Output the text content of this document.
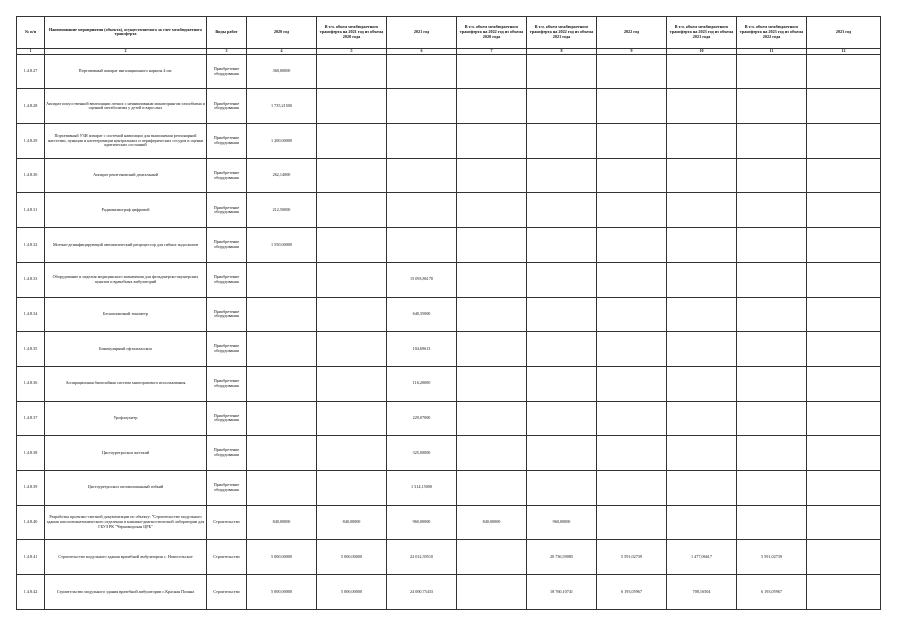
№ п/п	Наименование мероприятия (объекта), осуществляемого за счет межбюджетного трансферта	Виды работ	2020 год	В т.ч. объем межбюджетного трансферта на 2021 год из объема 2020 года	2021 год	В т.ч. объем межбюджетного трансферта на 2022 год из объема 2020 года	В т.ч. объем межбюджетного трансферта на 2022 год из объема 2021 года	2022 год	В т.ч. объем межбюджетного трансферта на 2023 год из объема 2021 года	В т.ч. объем межбюджетного трансферта на 2023 год из объема 2022 года	2023 год
1	2	3	4	5	6	7	8	9	10	11	12
1.4.8.27	Портативный аппарат ингаляционного наркоза 4 шт.	Приобретение оборудования	360,00000								
1.4.8.28	Аппарат искусственной вентиляции легких с неинвазивным мониторингом газообмена и оценкой метаболизма у детей и взрослых	Приобретение оборудования	1 735,21500								
1.4.8.29	Портативный УЗИ аппарат с системой навигации для выполнения регионарной анестезии, пункции и катетеризации центральных и периферических сосудов и оценки критических состояний	Приобретение оборудования	1 200,00000								
1.4.8.30	Аппарат рентгеновский дентальный	Приобретение оборудования	262,14000								
1.4.8.31	Радиовизиограф цифровой	Приобретение оборудования	212,50000								
1.4.8.32	Моечно-дезинфицирующий автоматический репроцессор для гибких эндоскопов	Приобретение оборудования	1 550,00000								
1.4.8.33	Оборудование и изделия медицинского назначения для фельдшерско-акушерских пунктов и врачебных амбулаторий	Приобретение оборудования			15 093,86170						
1.4.8.34	Бесконтактный тонометр	Приобретение оборудования			640,35000						
1.4.8.35	Бинокулярный офтальмоскоп	Приобретение оборудования			104,69613						
1.4.8.36	Аспирационная биопсийная система многоразового использования	Приобретение оборудования			116,20000						
1.4.8.37	Урофлоуметр	Приобретение оборудования			229,07000						
1.4.8.38	Цистоуретроскоп жесткий	Приобретение оборудования			325,00000						
1.4.8.39	Цистоуретроскоп оптоволоконный гибкий	Приобретение оборудования			1 314,15000						
1.4.8.40	Разработка проектно-сметной документации по объекту: "Строительство модульного здания патологоанатомического отделения и клинико-диагностической лаборатории для ГБУЗ РК "Черноморская ЦРБ"	Строительство	840,00000	840,00000	960,00000	840,00000	960,00000				
1.4.8.41	Строительство модульного здания врачебной амбулатории с. Новосельское	Строительство	5 000,00000	5 000,00000	22 012,39510		20 736,59085	5 591,02739	1 477,06617	5 591,02739	
1.4.8.42	Строительство модульного здания врачебной амбулатории с.Красная Поляна	Строительство	5 000,00000	5 000,00000	24 000,75433		18 760,10741	6 193,05967	708,16504	6 193,05967	
